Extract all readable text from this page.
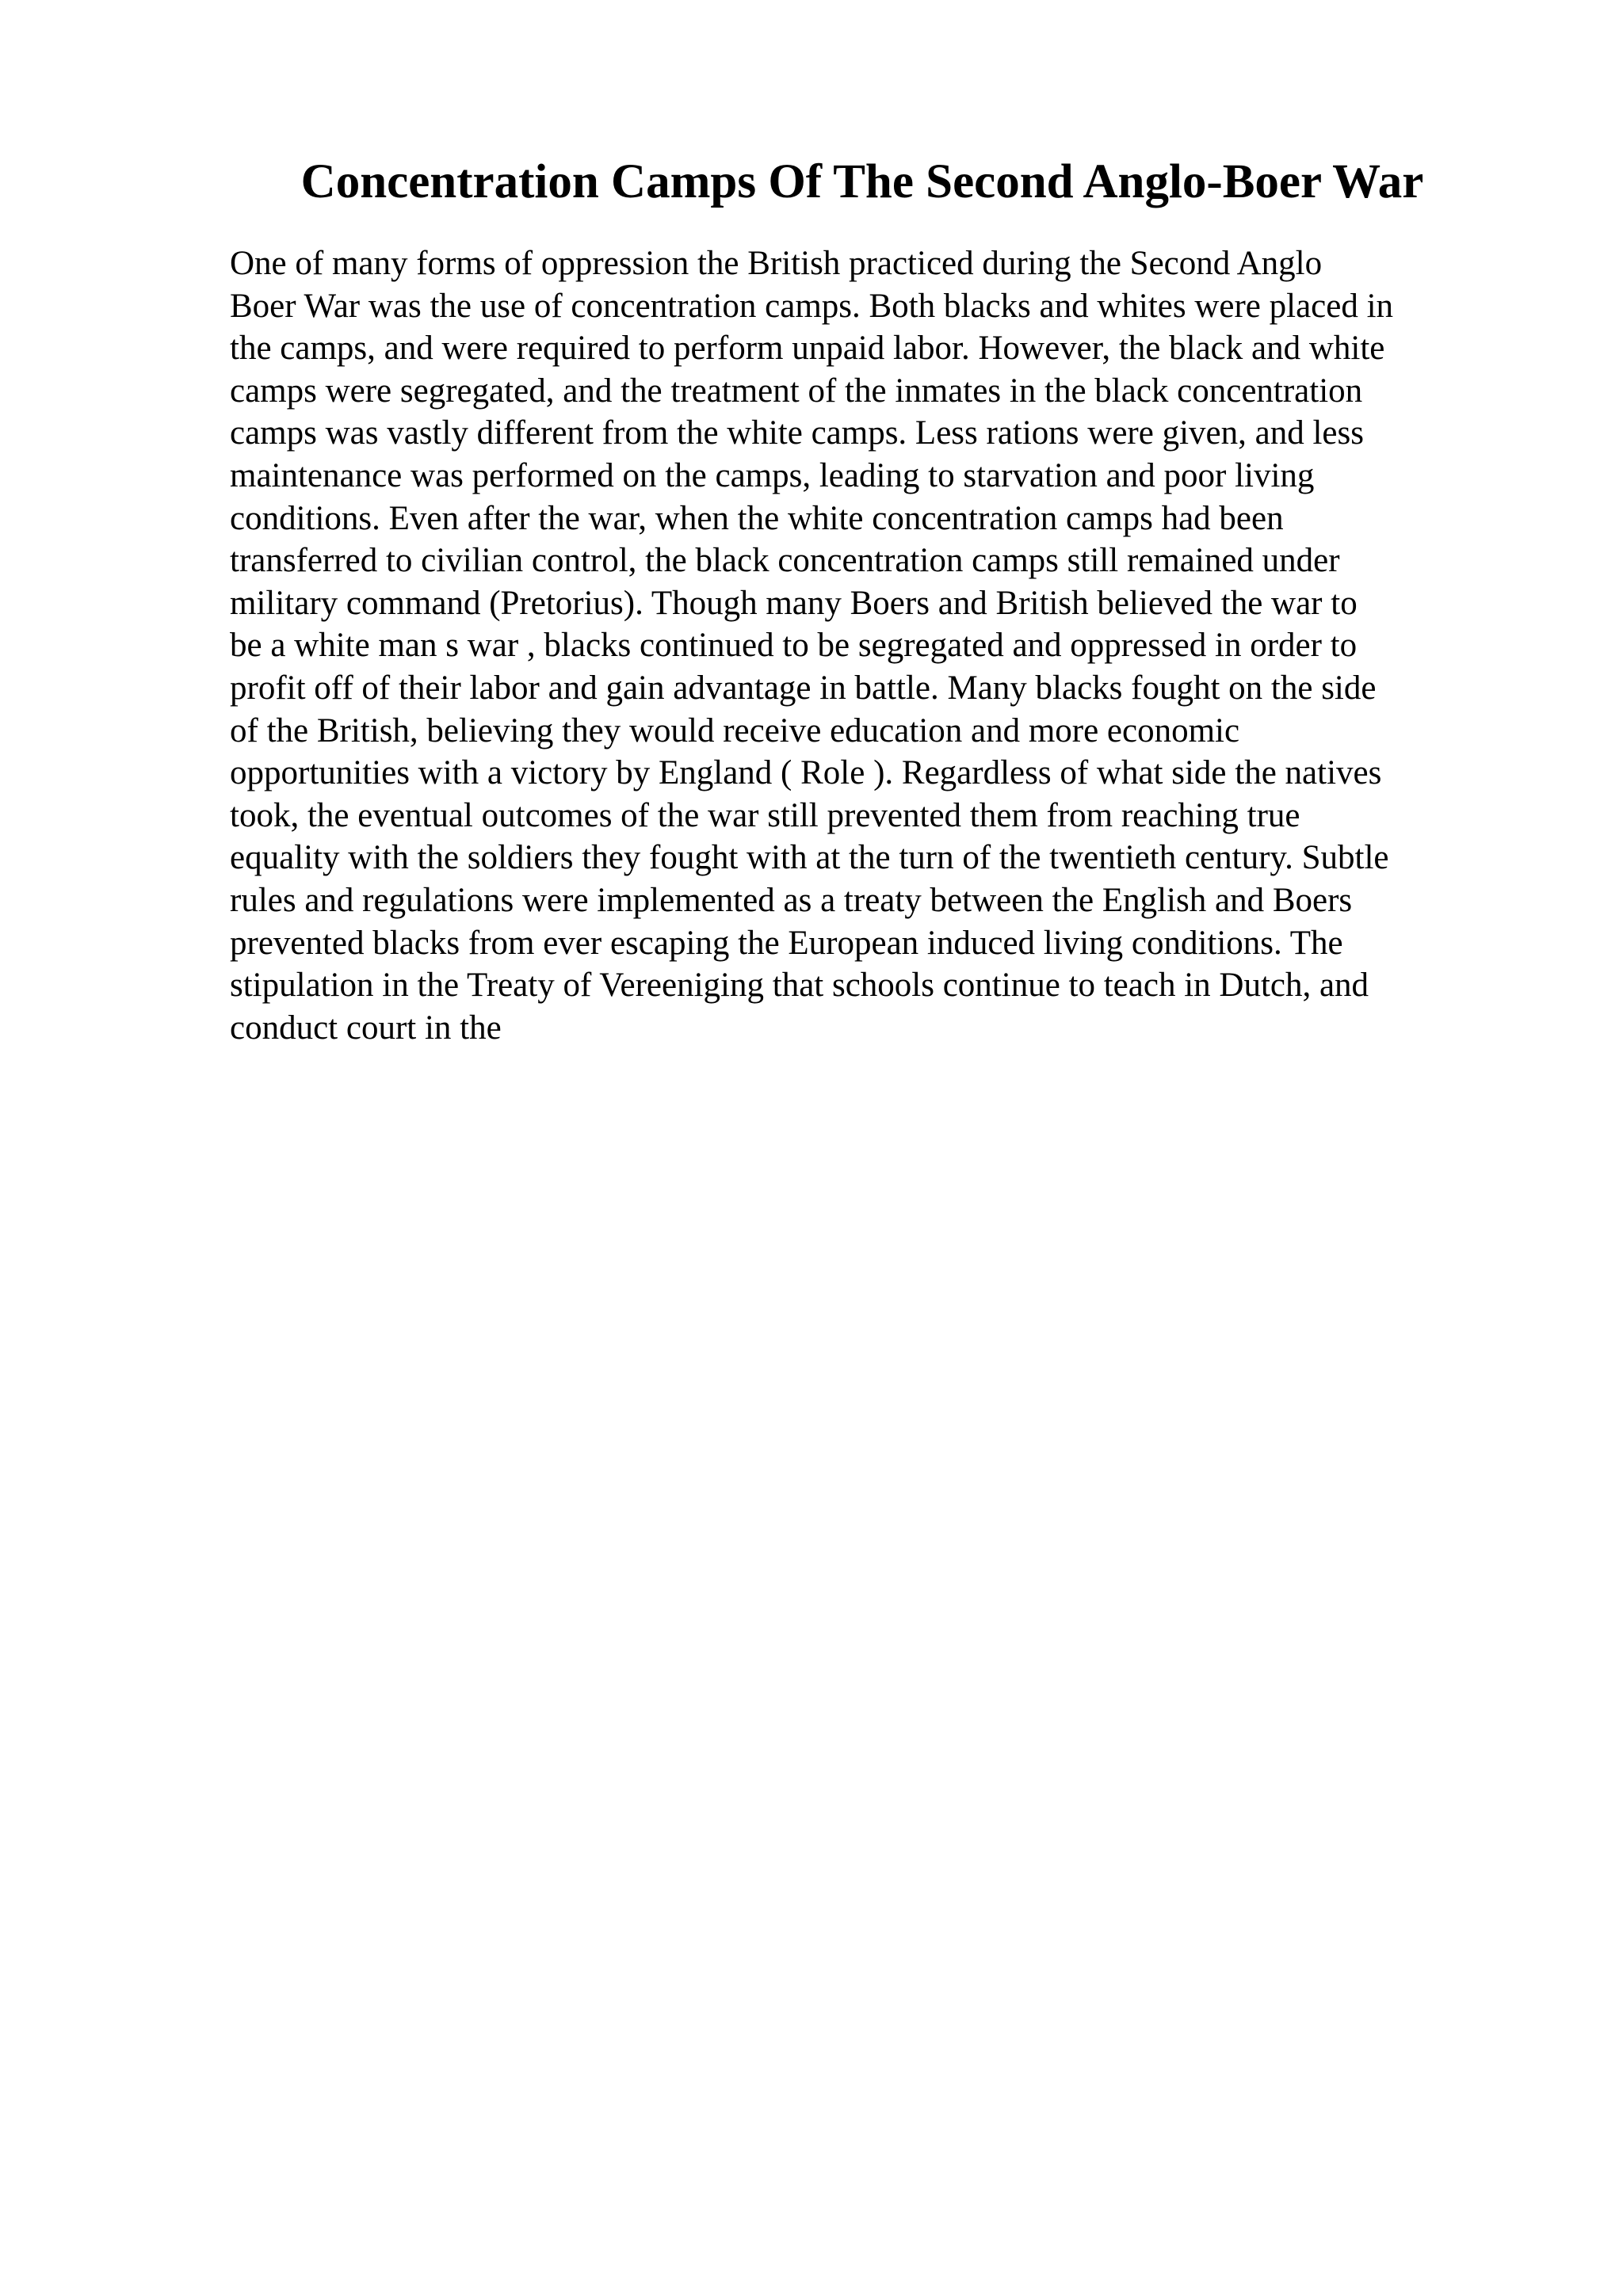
Concentration Camps Of The Second Anglo-Boer War
One of many forms of oppression the British practiced during the Second Anglo
Boer War was the use of concentration camps. Both blacks and whites were placed in
the camps, and were required to perform unpaid labor. However, the black and white
camps were segregated, and the treatment of the inmates in the black concentration
camps was vastly different from the white camps. Less rations were given, and less
maintenance was performed on the camps, leading to starvation and poor living
conditions. Even after the war, when the white concentration camps had been
transferred to civilian control, the black concentration camps still remained under
military command (Pretorius). Though many Boers and British believed the war to
be a white man s war , blacks continued to be segregated and oppressed in order to
profit off of their labor and gain advantage in battle. Many blacks fought on the side
of the British, believing they would receive education and more economic
opportunities with a victory by England ( Role ). Regardless of what side the natives
took, the eventual outcomes of the war still prevented them from reaching true
equality with the soldiers they fought with at the turn of the twentieth century. Subtle
rules and regulations were implemented as a treaty between the English and Boers
prevented blacks from ever escaping the European induced living conditions. The
stipulation in the Treaty of Vereeniging that schools continue to teach in Dutch, and
conduct court in the
